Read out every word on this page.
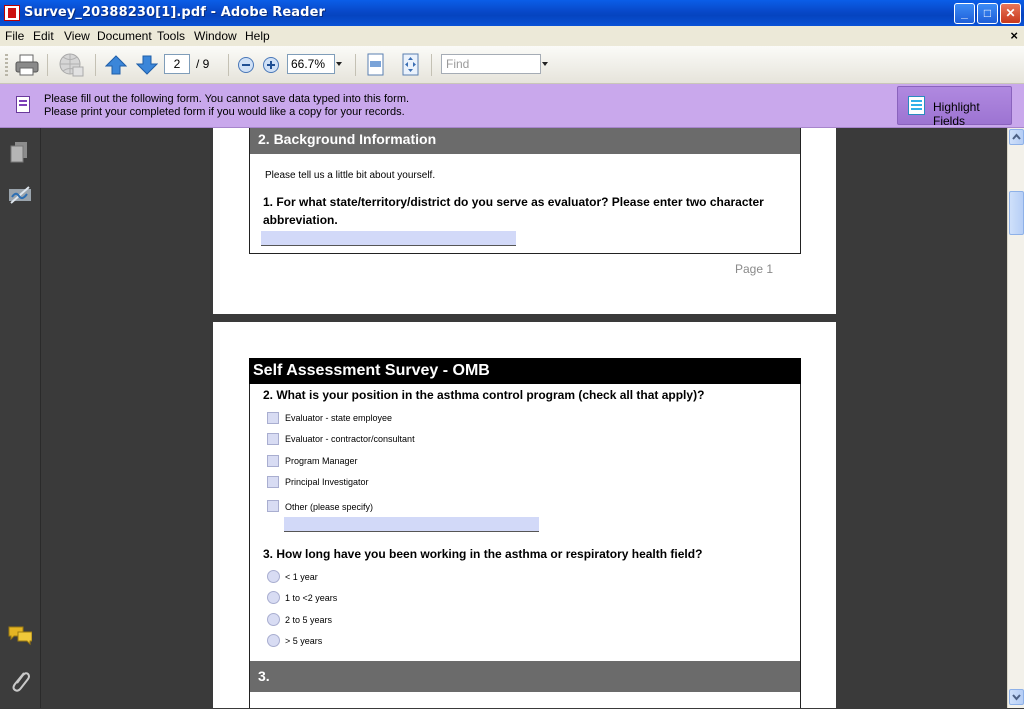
Survey_20388230[1].pdf - Adobe Reader	_	□	✕
File Edit View Document Tools Window Help	×
2	/ 9	66.7%	Find
Please fill out the following form. You cannot save data typed into this form.
Please print your completed form if you would like a copy for your records.	Highlight Fields
2. Background Information
Please tell us a little bit about yourself.
1. For what state/territory/district do you serve as evaluator? Please enter two character
abbreviation.
Page 1
Self Assessment Survey - OMB
2. What is your position in the asthma control program (check all that apply)?
Evaluator - state employee
Evaluator - contractor/consultant
Program Manager
Principal Investigator
Other (please specify)
3. How long have you been working in the asthma or respiratory health field?
< 1 year
1 to <2 years
2 to 5 years
> 5 years
3.
